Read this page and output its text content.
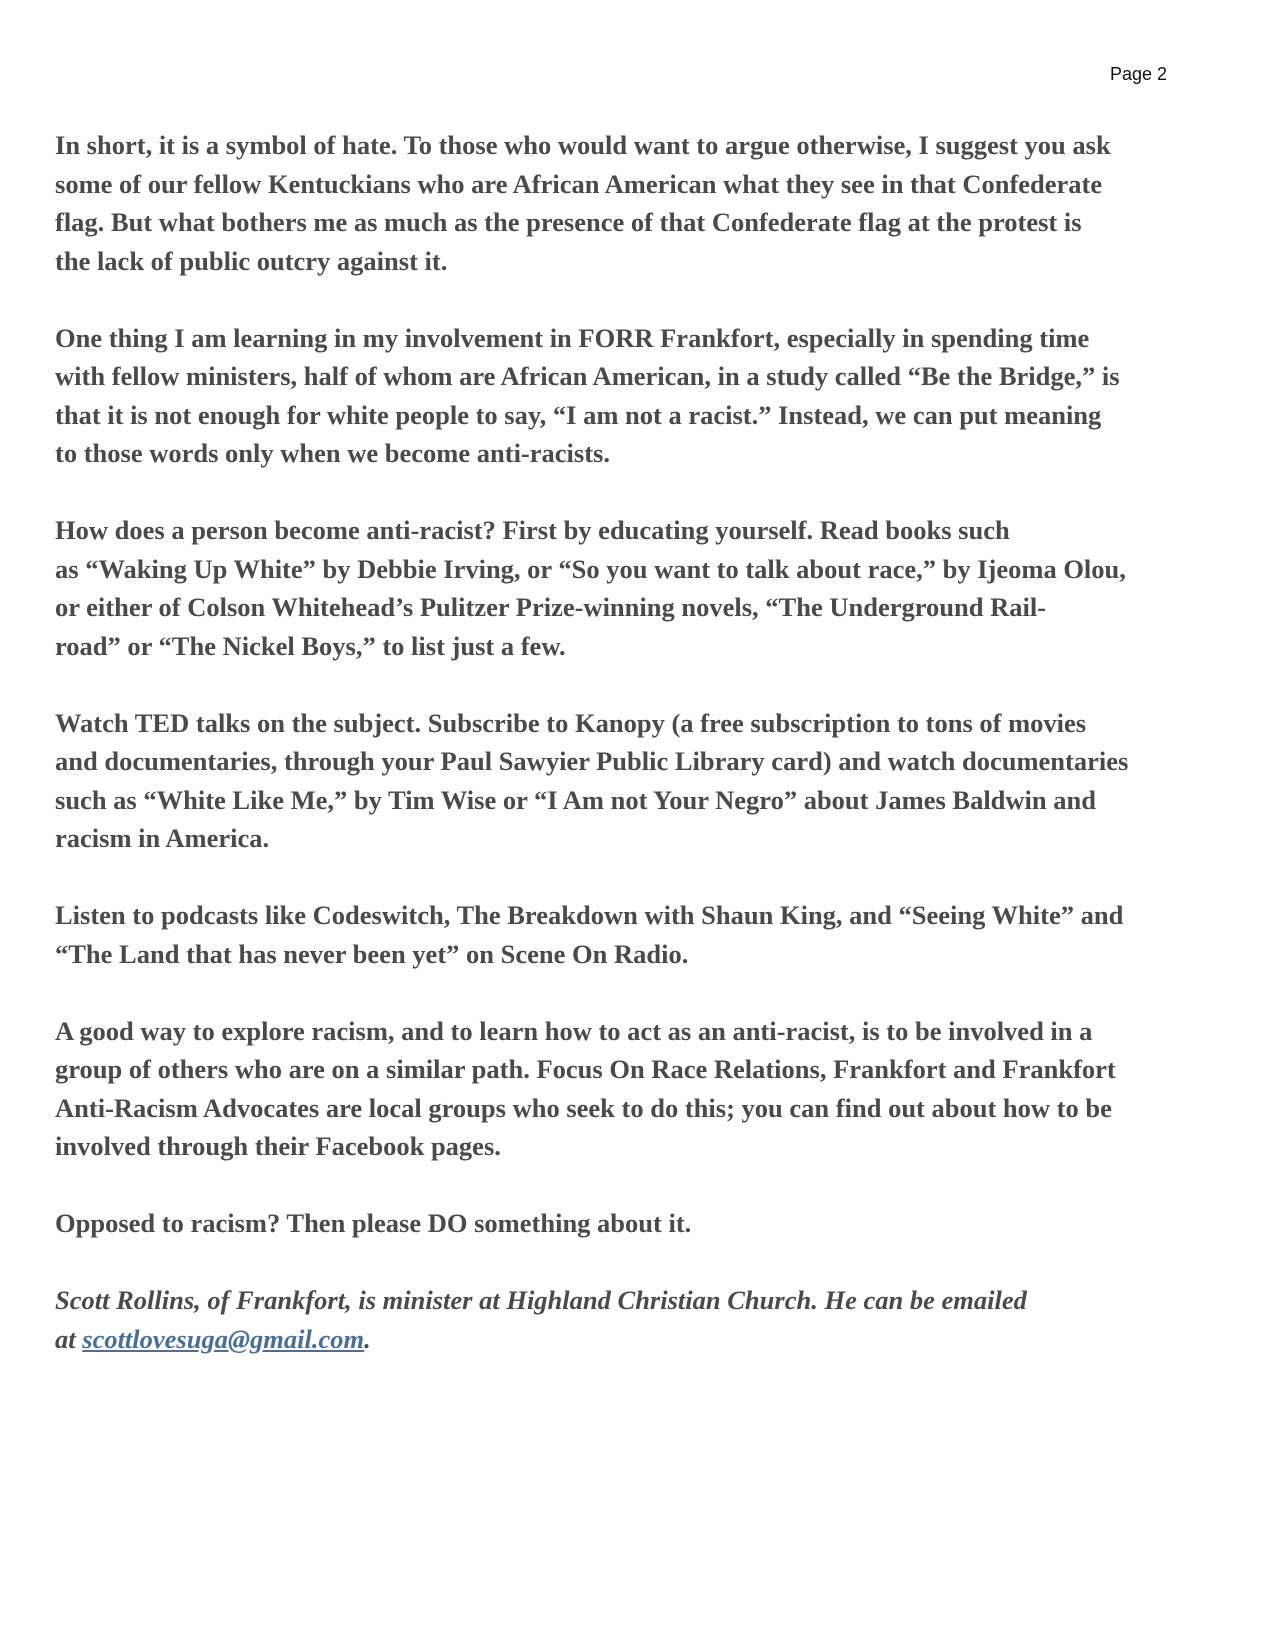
Page 2

In short, it is a symbol of hate. To those who would want to argue otherwise, I suggest you ask
some of our fellow Kentuckians who are African American what they see in that Confederate
flag. But what bothers me as much as the presence of that Confederate flag at the protest is
the lack of public outcry against it.

One thing I am learning in my involvement in FORR Frankfort, especially in spending time
with fellow ministers, half of whom are African American, in a study called “Be the Bridge,” is
that it is not enough for white people to say, “I am not a racist.” Instead, we can put meaning
to those words only when we become anti-racists.

How does a person become anti-racist? First by educating yourself. Read books such
as “Waking Up White” by Debbie Irving, or “So you want to talk about race,” by Ijeoma Olou,
or either of Colson Whitehead’s Pulitzer Prize-winning novels, “The Underground Rail-
road” or “The Nickel Boys,” to list just a few.

Watch TED talks on the subject. Subscribe to Kanopy (a free subscription to tons of movies
and documentaries, through your Paul Sawyier Public Library card) and watch documentaries
such as “White Like Me,” by Tim Wise or “I Am not Your Negro” about James Baldwin and
racism in America.

Listen to podcasts like Codeswitch, The Breakdown with Shaun King, and “Seeing White” and
“The Land that has never been yet” on Scene On Radio.

A good way to explore racism, and to learn how to act as an anti-racist, is to be involved in a
group of others who are on a similar path. Focus On Race Relations, Frankfort and Frankfort
Anti-Racism Advocates are local groups who seek to do this; you can find out about how to be
involved through their Facebook pages.

Opposed to racism? Then please DO something about it.

Scott Rollins, of Frankfort, is minister at Highland Christian Church. He can be emailed
at scottlovesuga@gmail.com.
